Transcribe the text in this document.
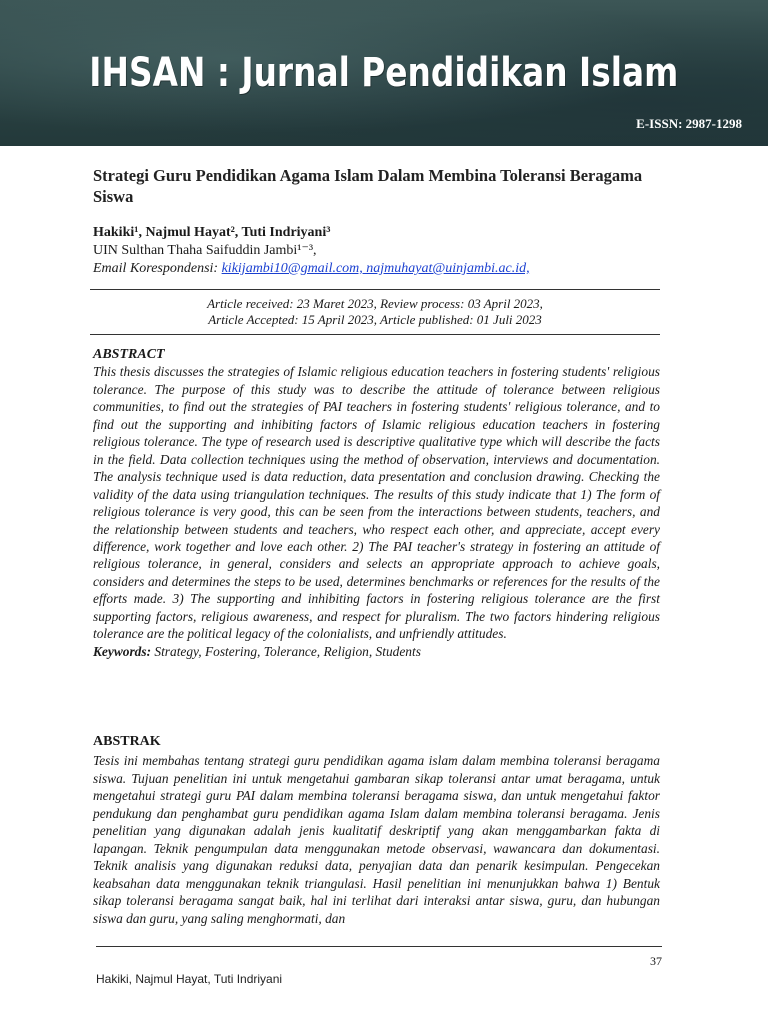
IHSAN : Jurnal Pendidikan Islam
E-ISSN: 2987-1298
Strategi Guru Pendidikan Agama Islam Dalam Membina Toleransi Beragama Siswa
Hakiki¹, Najmul Hayat², Tuti Indriyani³
UIN Sulthan Thaha Saifuddin Jambi¹⁻³,
Email Korespondensi: kikijambi10@gmail.com, najmuhayat@uinjambi.ac.id,
Article received: 23 Maret 2023, Review process: 03 April 2023,
Article Accepted: 15 April 2023, Article published: 01 Juli 2023
ABSTRACT
This thesis discusses the strategies of Islamic religious education teachers in fostering students' religious tolerance. The purpose of this study was to describe the attitude of tolerance between religious communities, to find out the strategies of PAI teachers in fostering students' religious tolerance, and to find out the supporting and inhibiting factors of Islamic religious education teachers in fostering religious tolerance. The type of research used is descriptive qualitative type which will describe the facts in the field. Data collection techniques using the method of observation, interviews and documentation. The analysis technique used is data reduction, data presentation and conclusion drawing. Checking the validity of the data using triangulation techniques. The results of this study indicate that 1) The form of religious tolerance is very good, this can be seen from the interactions between students, teachers, and the relationship between students and teachers, who respect each other, and appreciate, accept every difference, work together and love each other. 2) The PAI teacher's strategy in fostering an attitude of religious tolerance, in general, considers and selects an appropriate approach to achieve goals, considers and determines the steps to be used, determines benchmarks or references for the results of the efforts made. 3) The supporting and inhibiting factors in fostering religious tolerance are the first supporting factors, religious awareness, and respect for pluralism. The two factors hindering religious tolerance are the political legacy of the colonialists, and unfriendly attitudes.
Keywords: Strategy, Fostering, Tolerance, Religion, Students
ABSTRAK
Tesis ini membahas tentang strategi guru pendidikan agama islam dalam membina toleransi beragama siswa. Tujuan penelitian ini untuk mengetahui gambaran sikap toleransi antar umat beragama, untuk mengetahui strategi guru PAI dalam membina toleransi beragama siswa, dan untuk mengetahui faktor pendukung dan penghambat guru pendidikan agama Islam dalam membina toleransi beragama. Jenis penelitian yang digunakan adalah jenis kualitatif deskriptif yang akan menggambarkan fakta di lapangan. Teknik pengumpulan data menggunakan metode observasi, wawancara dan dokumentasi. Teknik analisis yang digunakan reduksi data, penyajian data dan penarik kesimpulan. Pengecekan keabsahan data menggunakan teknik triangulasi. Hasil penelitian ini menunjukkan bahwa 1) Bentuk sikap toleransi beragama sangat baik, hal ini terlihat dari interaksi antar siswa, guru, dan hubungan siswa dan guru, yang saling menghormati, dan
37
Hakiki, Najmul Hayat, Tuti Indriyani
